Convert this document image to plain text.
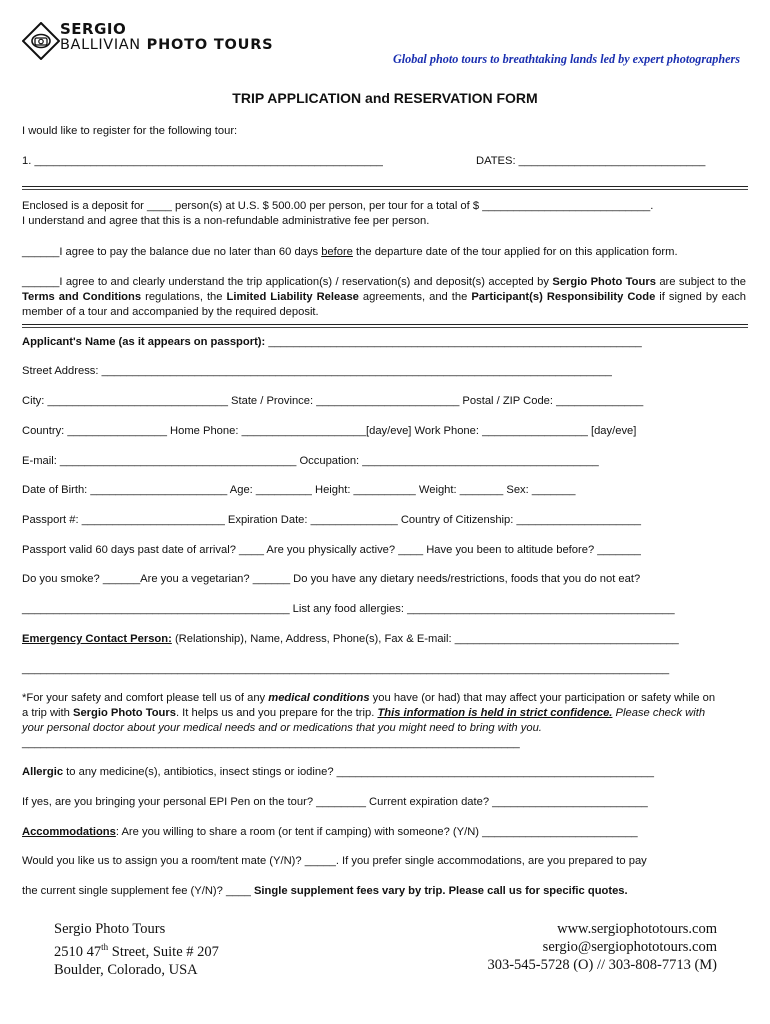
SERGIO
BALLIVIAN PHOTO TOURS
Global photo tours to breathtaking lands led by expert photographers
TRIP APPLICATION and RESERVATION FORM
I would like to register for the following tour:
1. ________________________________________________________	DATES: ______________________________
Enclosed is a deposit for ____ person(s) at U.S. $ 500.00 per person, per tour for a total of $ ___________________________.
I understand and agree that this is a non-refundable administrative fee per person.
______I agree to pay the balance due no later than 60 days before the departure date of the tour applied for on this application form.
______I agree to and clearly understand the trip application(s) / reservation(s) and deposit(s) accepted by Sergio Photo Tours are subject to the Terms and Conditions regulations, the Limited Liability Release agreements, and the Participant(s) Responsibility Code if signed by each member of a tour and accompanied by the required deposit.
Applicant's Name (as it appears on passport): ____________________________________________________________
Street Address: __________________________________________________________________________________
City: _____________________________ State / Province: _______________________ Postal / ZIP Code: ______________
Country: ________________ Home Phone: ____________________[day/eve] Work Phone: _________________ [day/eve]
E-mail: ______________________________________ Occupation: ______________________________________
Date of Birth: ______________________ Age: _________ Height: __________ Weight: _______ Sex: _______
Passport #: _______________________ Expiration Date: ______________ Country of Citizenship: ____________________
Passport valid 60 days past date of arrival? ____ Are you physically active? ____ Have you been to altitude before? _______
Do you smoke? ______Are you a vegetarian? ______ Do you have any dietary needs/restrictions, foods that you do not eat?
___________________________________________ List any food allergies: ___________________________________________
Emergency Contact Person: (Relationship), Name, Address, Phone(s), Fax & E-mail: ____________________________________
________________________________________________________________________________________________________
*For your safety and comfort please tell us of any medical conditions you have (or had) that may affect your participation or safety while on a trip with Sergio Photo Tours. It helps us and you prepare for the trip. This information is held in strict confidence. Please check with your personal doctor about your medical needs and or medications that you might need to bring with you. ________________________________________________________________________________
Allergic to any medicine(s), antibiotics, insect stings or iodine? ___________________________________________________
If yes, are you bringing your personal EPI Pen on the tour? ________ Current expiration date? _________________________
Accommodations: Are you willing to share a room (or tent if camping) with someone? (Y/N) _________________________
Would you like us to assign you a room/tent mate (Y/N)? _____. If you prefer single accommodations, are you prepared to pay
the current single supplement fee (Y/N)? ____ Single supplement fees vary by trip. Please call us for specific quotes.
Sergio Photo Tours
2510 47th Street, Suite # 207
Boulder, Colorado, USA
www.sergiophototours.com
sergio@sergiophototours.com
303-545-5728 (O) // 303-808-7713 (M)
